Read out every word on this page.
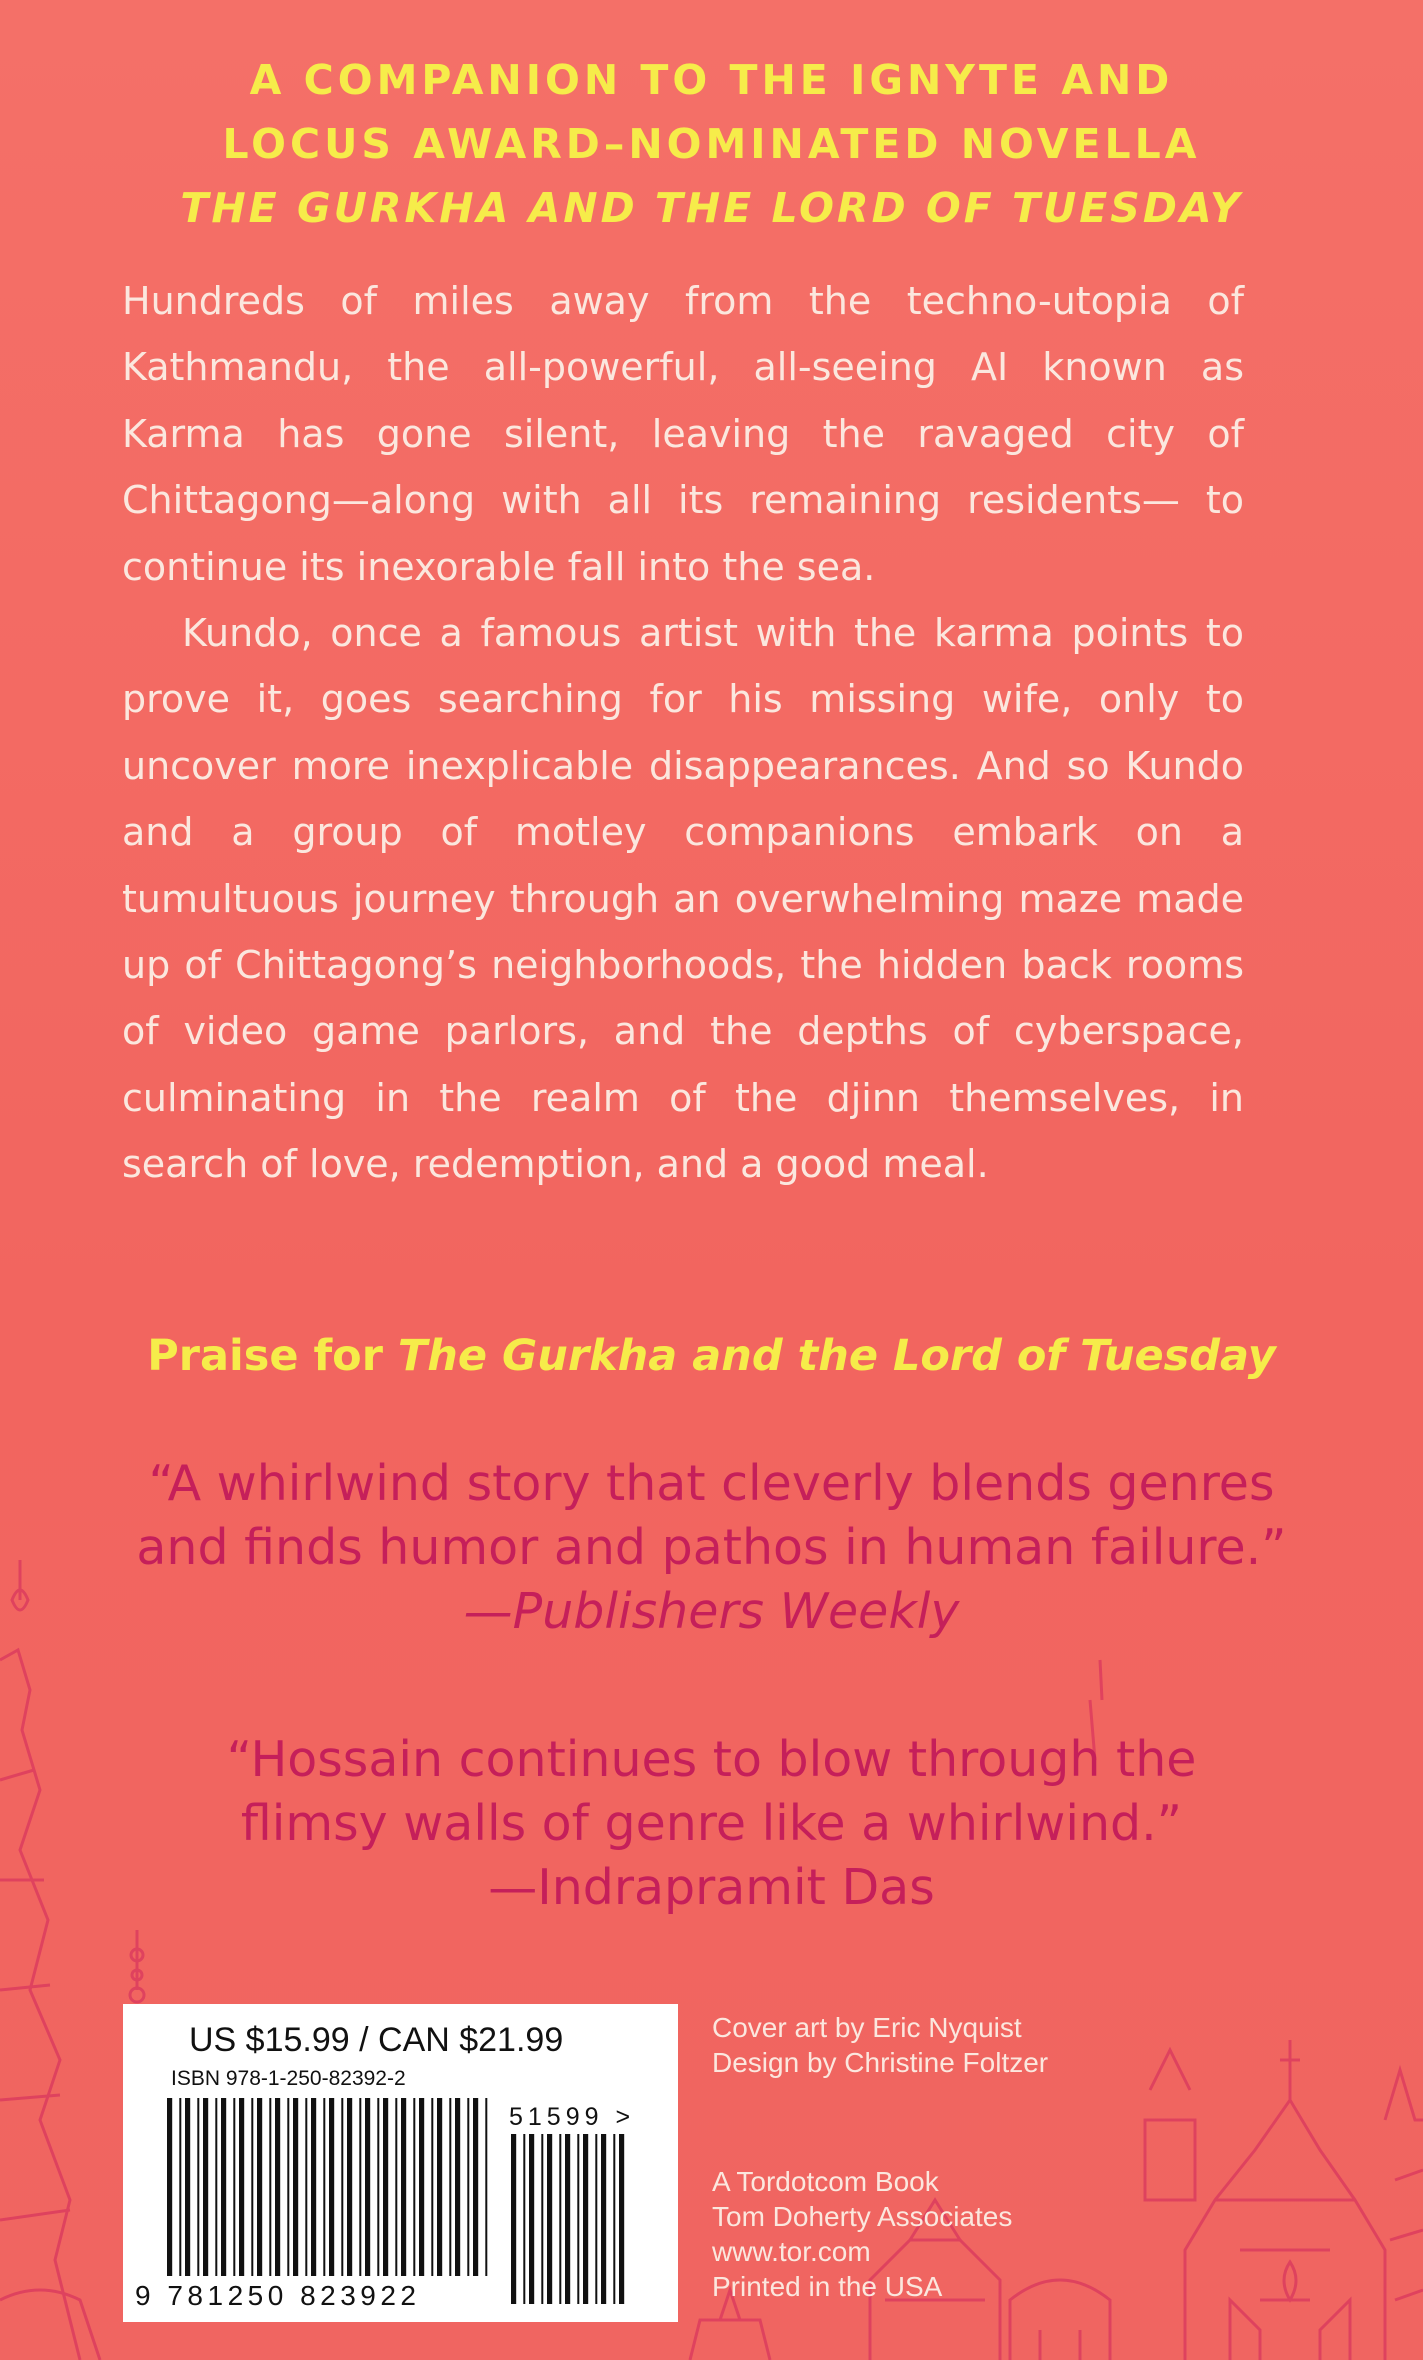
A COMPANION TO THE IGNYTE AND
LOCUS AWARD–NOMINATED NOVELLA
THE GURKHA AND THE LORD OF TUESDAY

Hundreds of miles away from the techno-utopia of Kathmandu, the all-powerful, all-seeing AI known as Karma has gone silent, leaving the ravaged city of Chittagong—along with all its remaining residents— to continue its inexorable fall into the sea.

Kundo, once a famous artist with the karma points to prove it, goes searching for his missing wife, only to uncover more inexplicable disappearances. And so Kundo and a group of motley companions embark on a tumultuous journey through an overwhelming maze made up of Chittagong’s neighborhoods, the hidden back rooms of video game parlors, and the depths of cyberspace, culminating in the realm of the djinn themselves, in search of love, redemption, and a good meal.

Praise for The Gurkha and the Lord of Tuesday
“A whirlwind story that cleverly blends genres
and finds humor and pathos in human failure.”
—Publishers Weekly
“Hossain continues to blow through the
flimsy walls of genre like a whirlwind.”
—Indrapramit Das
US $15.99 / CAN $21.99
ISBN 978-1-250-82392-2
51599 >
9 781250 823922
Cover art by Eric Nyquist
Design by Christine Foltzer
A Tordotcom Book
Tom Doherty Associates
www.tor.com
Printed in the USA
